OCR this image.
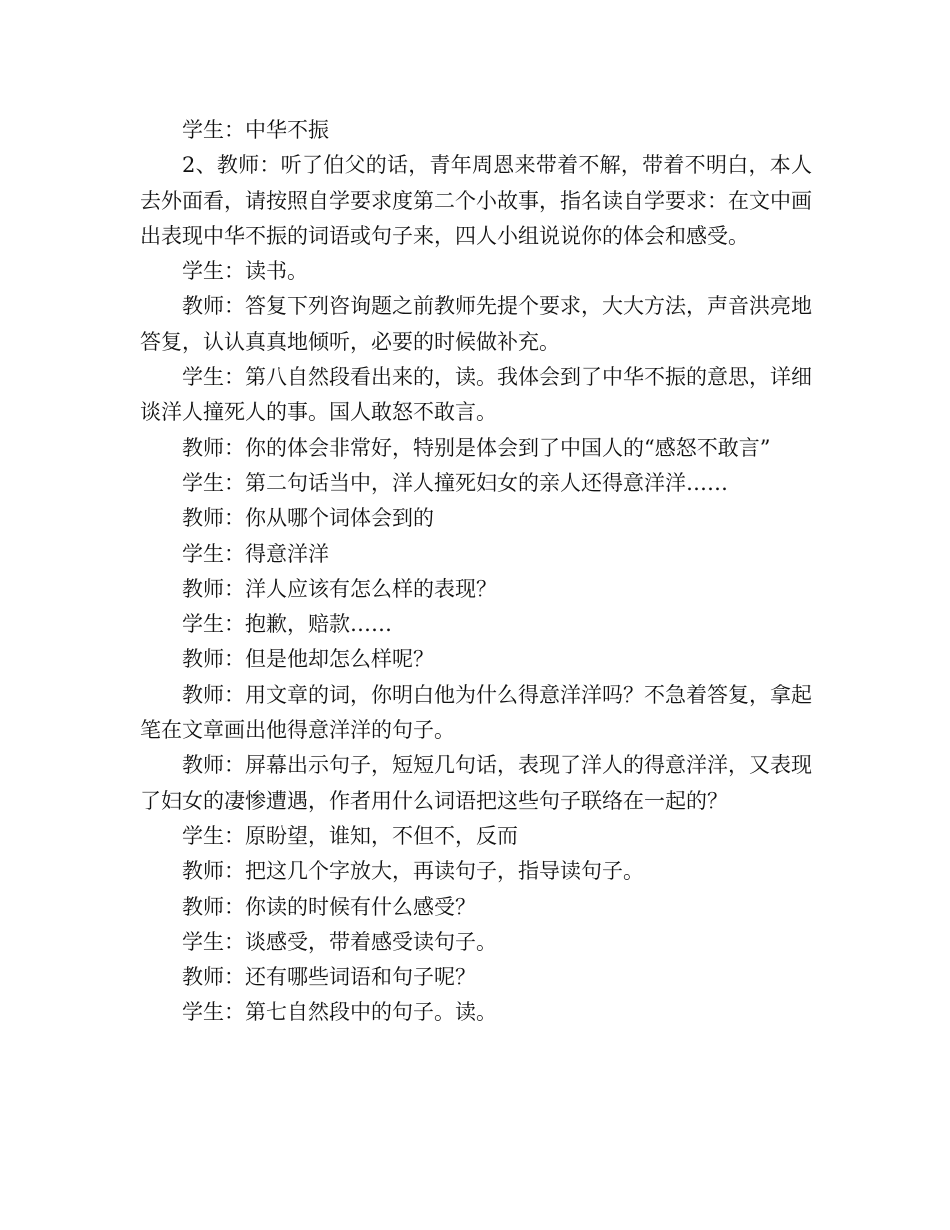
学生：中华不振

2、教师：听了伯父的话，青年周恩来带着不解，带着不明白，本人去外面看，请按照自学要求度第二个小故事，指名读自学要求：在文中画出表现中华不振的词语或句子来，四人小组说说你的体会和感受。

学生：读书。

教师：答复下列咨询题之前教师先提个要求，大大方法，声音洪亮地答复，认认真真地倾听，必要的时候做补充。

学生：第八自然段看出来的，读。我体会到了中华不振的意思，详细谈洋人撞死人的事。国人敢怒不敢言。

教师：你的体会非常好，特别是体会到了中国人的“感怒不敢言”

学生：第二句话当中，洋人撞死妇女的亲人还得意洋洋……

教师：你从哪个词体会到的

学生：得意洋洋

教师：洋人应该有怎么样的表现？

学生：抱歉，赔款……

教师：但是他却怎么样呢？

教师：用文章的词，你明白他为什么得意洋洋吗？不急着答复，拿起笔在文章画出他得意洋洋的句子。

教师：屏幕出示句子，短短几句话，表现了洋人的得意洋洋，又表现了妇女的凄惨遭遇，作者用什么词语把这些句子联络在一起的？

学生：原盼望，谁知，不但不，反而

教师：把这几个字放大，再读句子，指导读句子。

教师：你读的时候有什么感受？

学生：谈感受，带着感受读句子。

教师：还有哪些词语和句子呢？

学生：第七自然段中的句子。读。
